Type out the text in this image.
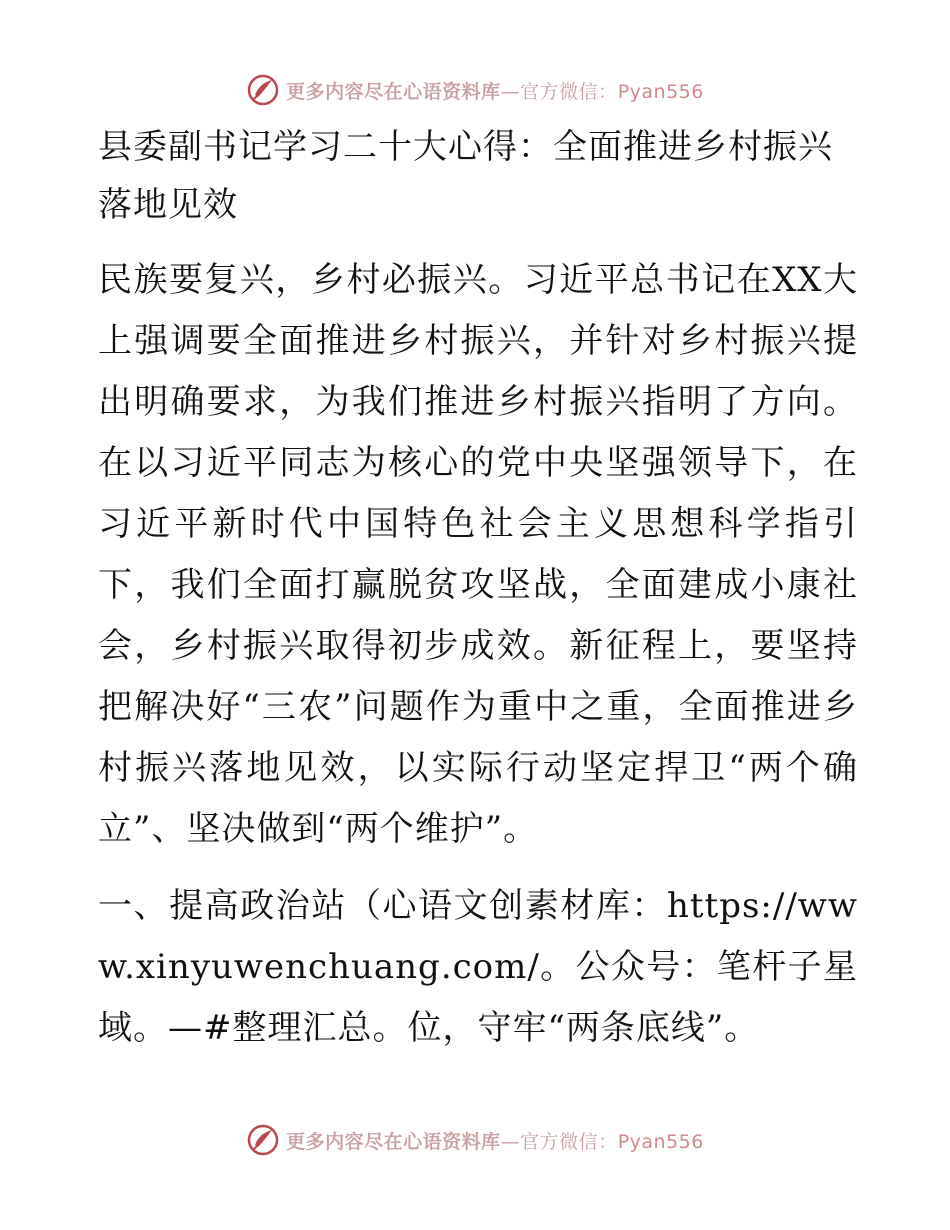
更多内容尽在心语资料库—官方微信：Pyan556
县委副书记学习二十大心得：全面推进乡村振兴落地见效

民族要复兴，乡村必振兴。习近平总书记在XX大上强调要全面推进乡村振兴，并针对乡村振兴提出明确要求，为我们推进乡村振兴指明了方向。在以习近平同志为核心的党中央坚强领导下，在习近平新时代中国特色社会主义思想科学指引下，我们全面打赢脱贫攻坚战，全面建成小康社会，乡村振兴取得初步成效。新征程上，要坚持把解决好“三农”问题作为重中之重，全面推进乡村振兴落地见效，以实际行动坚定捍卫“两个确立”、坚决做到“两个维护”。

一、提高政治站（心语文创素材库：https://www.xinyuwenchuang.com/。公众号：笔杆子星域。—#整理汇总。位，守牢“两条底线”。

更多内容尽在心语资料库—官方微信：Pyan556
